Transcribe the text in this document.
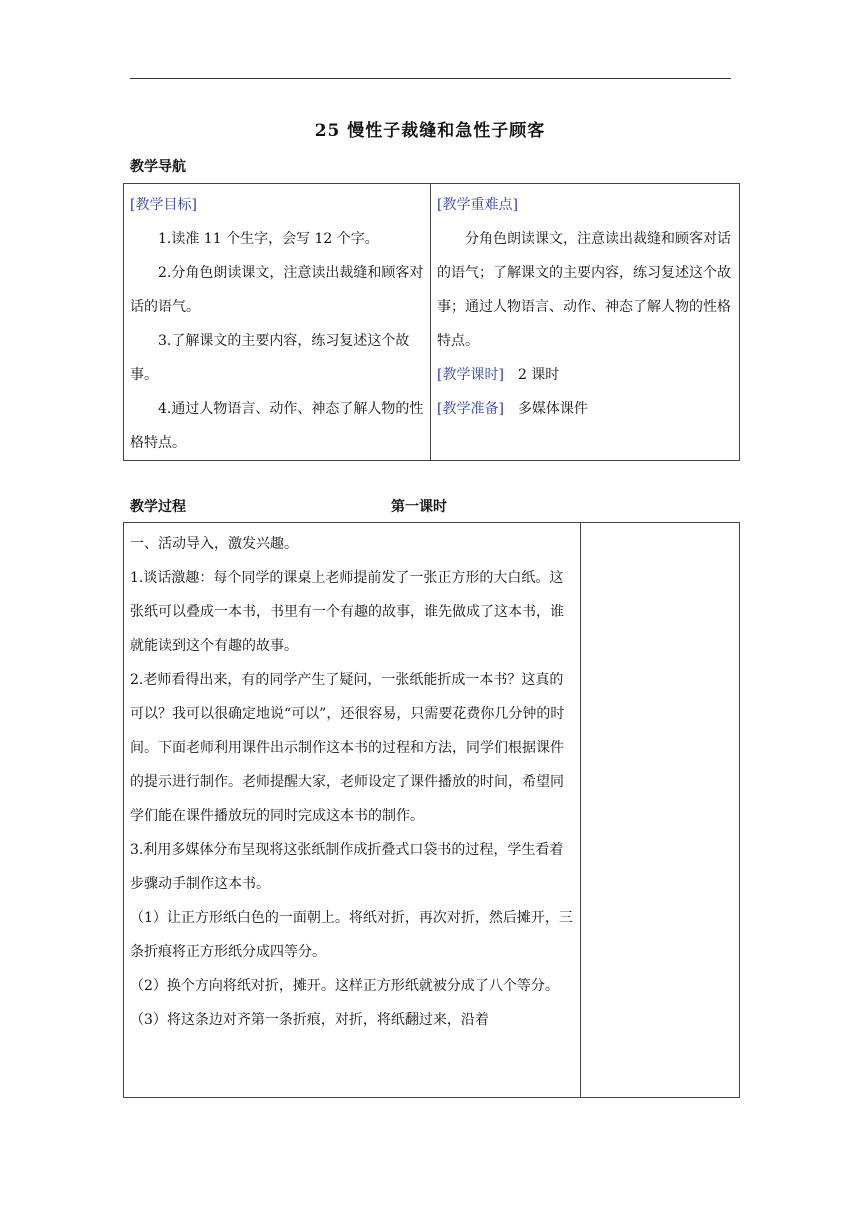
25 慢性子裁缝和急性子顾客
教学导航

[教学目标]

1.读准 11 个生字，会写 12 个字。

2.分角色朗读课文，注意读出裁缝和顾客对话的语气。

3.了解课文的主要内容，练习复述这个故事。

4.通过人物语言、动作、神态了解人物的性格特点。

[教学重难点]

分角色朗读课文，注意读出裁缝和顾客对话的语气；了解课文的主要内容，练习复述这个故事；通过人物语言、动作、神态了解人物的性格特点。

[教学课时] 2 课时

[教学准备] 多媒体课件

教学过程	第一课时

一、活动导入，激发兴趣。

1.谈话激趣：每个同学的课桌上老师提前发了一张正方形的大白纸。这张纸可以叠成一本书，书里有一个有趣的故事，谁先做成了这本书，谁就能读到这个有趣的故事。

2.老师看得出来，有的同学产生了疑问，一张纸能折成一本书？这真的可以？我可以很确定地说“可以”，还很容易，只需要花费你几分钟的时间。下面老师利用课件出示制作这本书的过程和方法，同学们根据课件的提示进行制作。老师提醒大家，老师设定了课件播放的时间，希望同学们能在课件播放玩的同时完成这本书的制作。

3.利用多媒体分布呈现将这张纸制作成折叠式口袋书的过程，学生看着步骤动手制作这本书。

（1）让正方形纸白色的一面朝上。将纸对折，再次对折，然后摊开，三条折痕将正方形纸分成四等分。

（2）换个方向将纸对折，摊开。这样正方形纸就被分成了八个等分。

（3）将这条边对齐第一条折痕，对折，将纸翻过来，沿着
